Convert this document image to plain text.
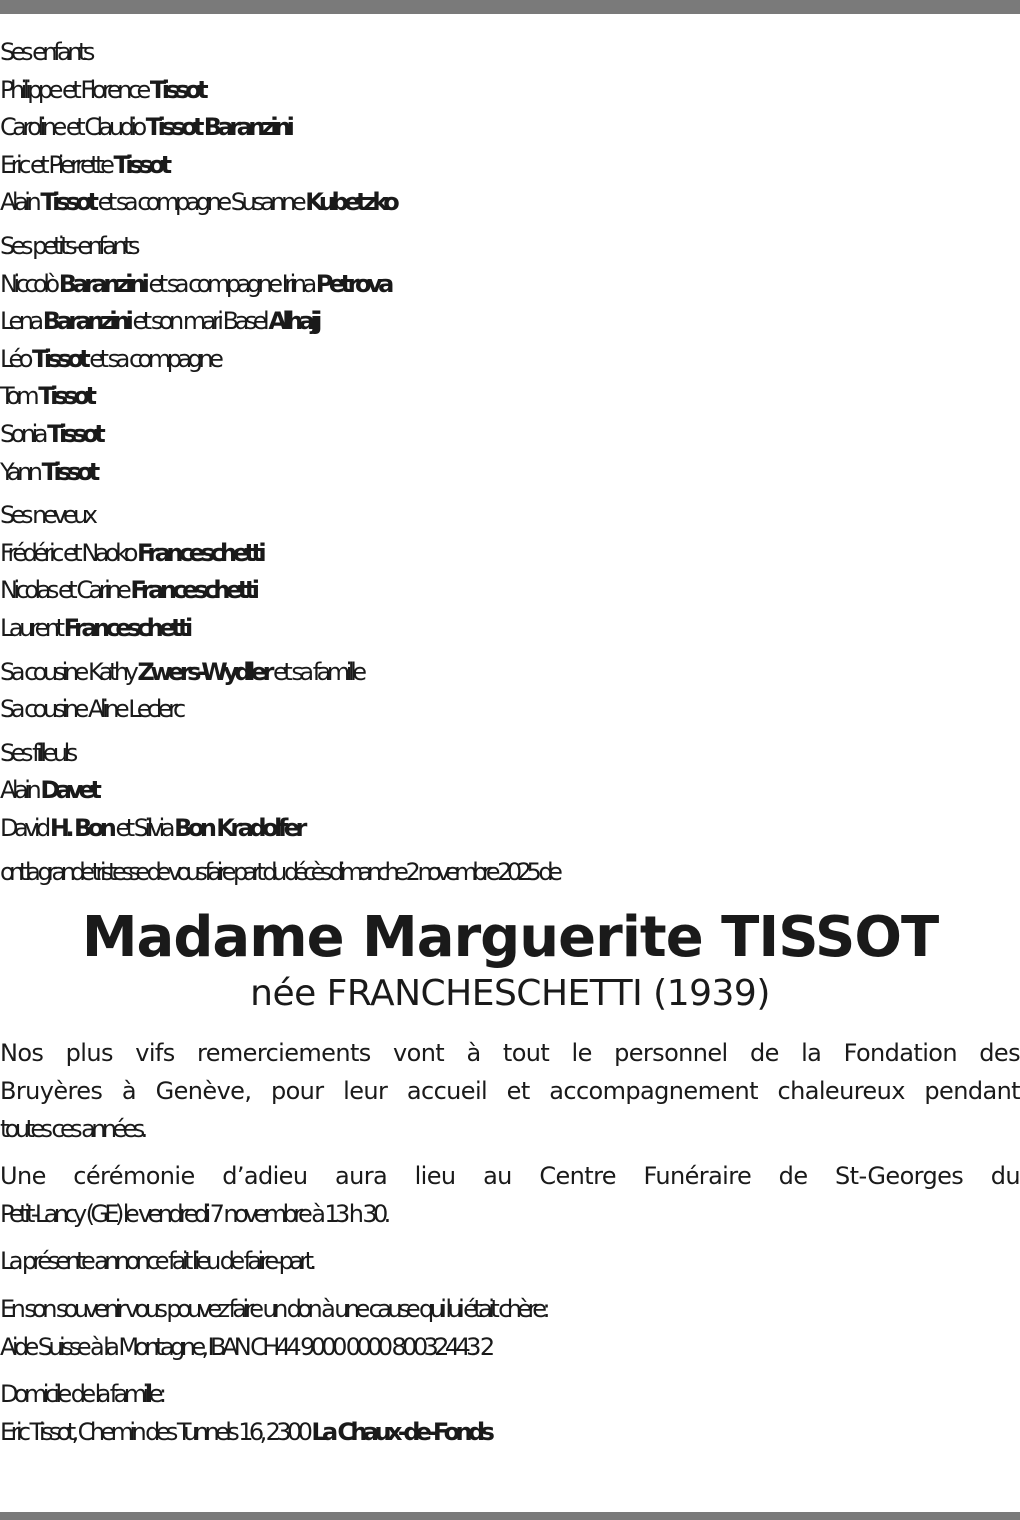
Ses enfants
Philippe et Florence Tissot
Caroline et Claudio Tissot Baranzini
Eric et Pierrette Tissot
Alain Tissot et sa compagne Susanne Kubetzko
Ses petits-enfants
Niccolò Baranzini et sa compagne Irina Petrova
Lena Baranzini et son mari Basel Alhajj
Léo Tissot et sa compagne
Tom Tissot
Sonia Tissot
Yann Tissot
Ses neveux
Frédéric et Naoko Franceschetti
Nicolas et Carine Franceschetti
Laurent Franceschetti
Sa cousine Kathy Zwers-Wydler et sa famille
Sa cousine Aline Leclerc
Ses filleuls
Alain Davet
David H. Bon et Silvia Bon Kradolfer
ont la grande tristesse de vous faire part du décès dimanche 2 novembre 2025 de
Madame Marguerite TISSOT
née FRANCHESCHETTI (1939)
Nos plus vifs remerciements vont à tout le personnel de la Fondation des
Bruyères à Genève, pour leur accueil et accompagnement chaleureux pendant
toutes ces années.
Une cérémonie d’adieu aura lieu au Centre Funéraire de St-Georges du
Petit-Lancy (GE) le vendredi 7 novembre à 13 h 30.
La présente annonce fait lieu de faire-part.
En son souvenir vous pouvez faire un don à une cause qui lui était chère:
Aide Suisse à la Montagne, IBAN CH44 9000 0000 80032443 2
Domicile de la famille:
Eric Tissot, Chemin des Tunnels 16, 2300 La Chaux-de-Fonds
